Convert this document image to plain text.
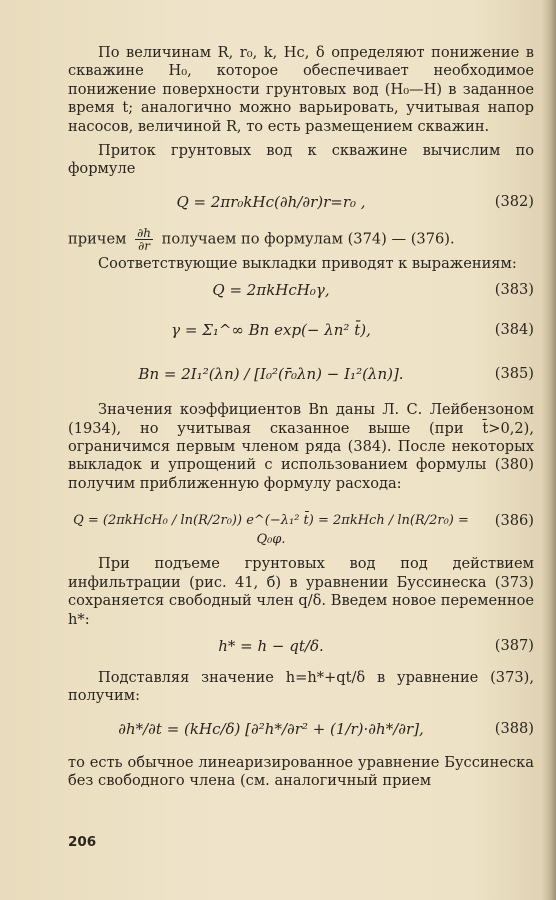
По величинам R, r₀, k, Hс, δ определяют понижение в скважине H₀, которое обеспечивает необходимое понижение поверхности грунтовых вод (H₀—H) в заданное время t; аналогично можно варьировать, учитывая напор насосов, величиной R, то есть размещением скважин.

Приток грунтовых вод к скважине вычислим по формуле

Q = 2πr₀kHс(∂h/∂r)r=r₀ ,	(382)

причем $\frac{\partial h}{\partial r}$ получаем по формулам (374) — (376).

Соответствующие выкладки приводят к выражениям:

Q = 2πkHсH₀γ,	(383)
γ = Σ₁^∞ Bn exp(− λn² t̄),	(384)
Bn = 2I₁²(λn) / [I₀²(r̄₀λn) − I₁²(λn)].	(385)

Значения коэффициентов Bn даны Л. С. Лейбензоном (1934), но учитывая сказанное выше (при t̄>0,2), ограничимся первым членом ряда (384). После некоторых выкладок и упрощений с использованием формулы (380) получим приближенную формулу расхода:

Q = (2πkHсH₀ / ln(R/2r₀)) e^(−λ₁² t̄) = 2πkHсh / ln(R/2r₀) = Q₀φ.
(386)

При подъеме грунтовых вод под действием инфильтрации (рис. 41, б) в уравнении Буссинеска (373) сохраняется свободный член q/δ. Введем новое переменное h*:

h* = h − qt/δ.	(387)

Подставляя значение h=h*+qt/δ в уравнение (373), получим:

∂h*/∂t = (kHс/δ) [∂²h*/∂r² + (1/r)·∂h*/∂r],	(388)

то есть обычное линеаризированное уравнение Буссинеска без свободного члена (см. аналогичный прием

206
